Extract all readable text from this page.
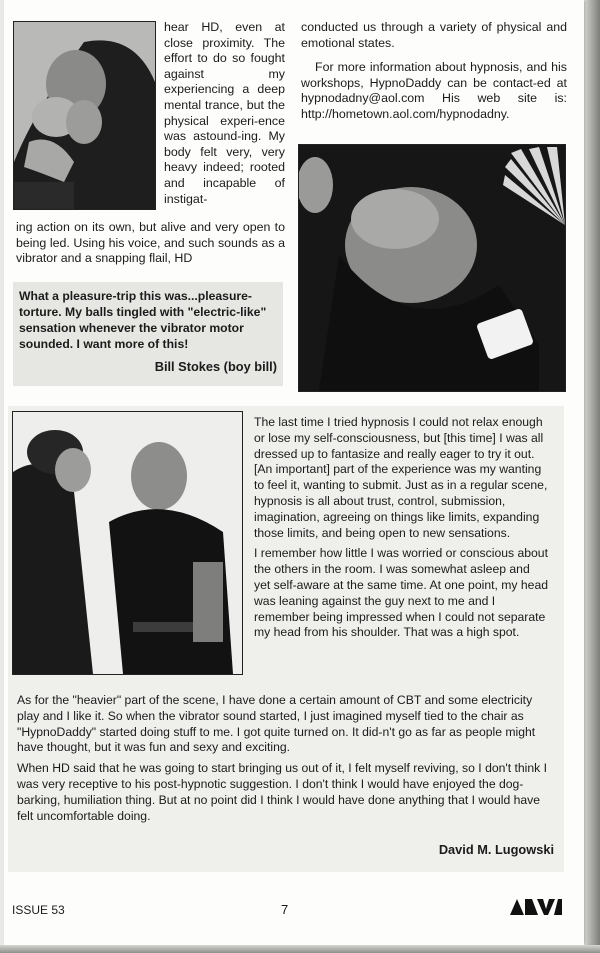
hear HD, even at close proximity. The effort to do so fought against my experiencing a deep mental trance, but the physical experi-ence was astound-ing. My body felt very, very heavy indeed; rooted and incapable of instigat-

ing action on its own, but alive and very open to being led. Using his voice, and such sounds as a vibrator and a snapping flail, HD

conducted us through a variety of physical and emotional states.

For more information about hypnosis, and his workshops, HypnoDaddy can be contact-ed at hypnodadny@aol.com His web site is: http://hometown.aol.com/hypnodadny.

What a pleasure-trip this was...pleasure-torture. My balls tingled with "electric-like" sensation whenever the vibrator motor sounded. I want more of this!

Bill Stokes (boy bill)

The last time I tried hypnosis I could not relax enough or lose my self-consciousness, but [this time] I was all dressed up to fantasize and really eager to try it out. [An important] part of the experience was my wanting to feel it, wanting to submit. Just as in a regular scene, hypnosis is all about trust, control, submission, imagination, agreeing on things like limits, expanding those limits, and being open to new sensations.

I remember how little I was worried or conscious about the others in the room. I was somewhat asleep and yet self-aware at the same time. At one point, my head was leaning against the guy next to me and I remember being impressed when I could not separate my head from his shoulder. That was a high spot.

As for the "heavier" part of the scene, I have done a certain amount of CBT and some electricity play and I like it. So when the vibrator sound started, I just imagined myself tied to the chair as "HypnoDaddy" started doing stuff to me. I got quite turned on. It did-n't go as far as people might have thought, but it was fun and sexy and exciting.

When HD said that he was going to start bringing us out of it, I felt myself reviving, so I don't think I was very receptive to his post-hypnotic suggestion. I don't think I would have enjoyed the dog-barking, humiliation thing. But at no point did I think I would have done anything that I would have felt uncomfortable doing.

David M. Lugowski
ISSUE 53	7
